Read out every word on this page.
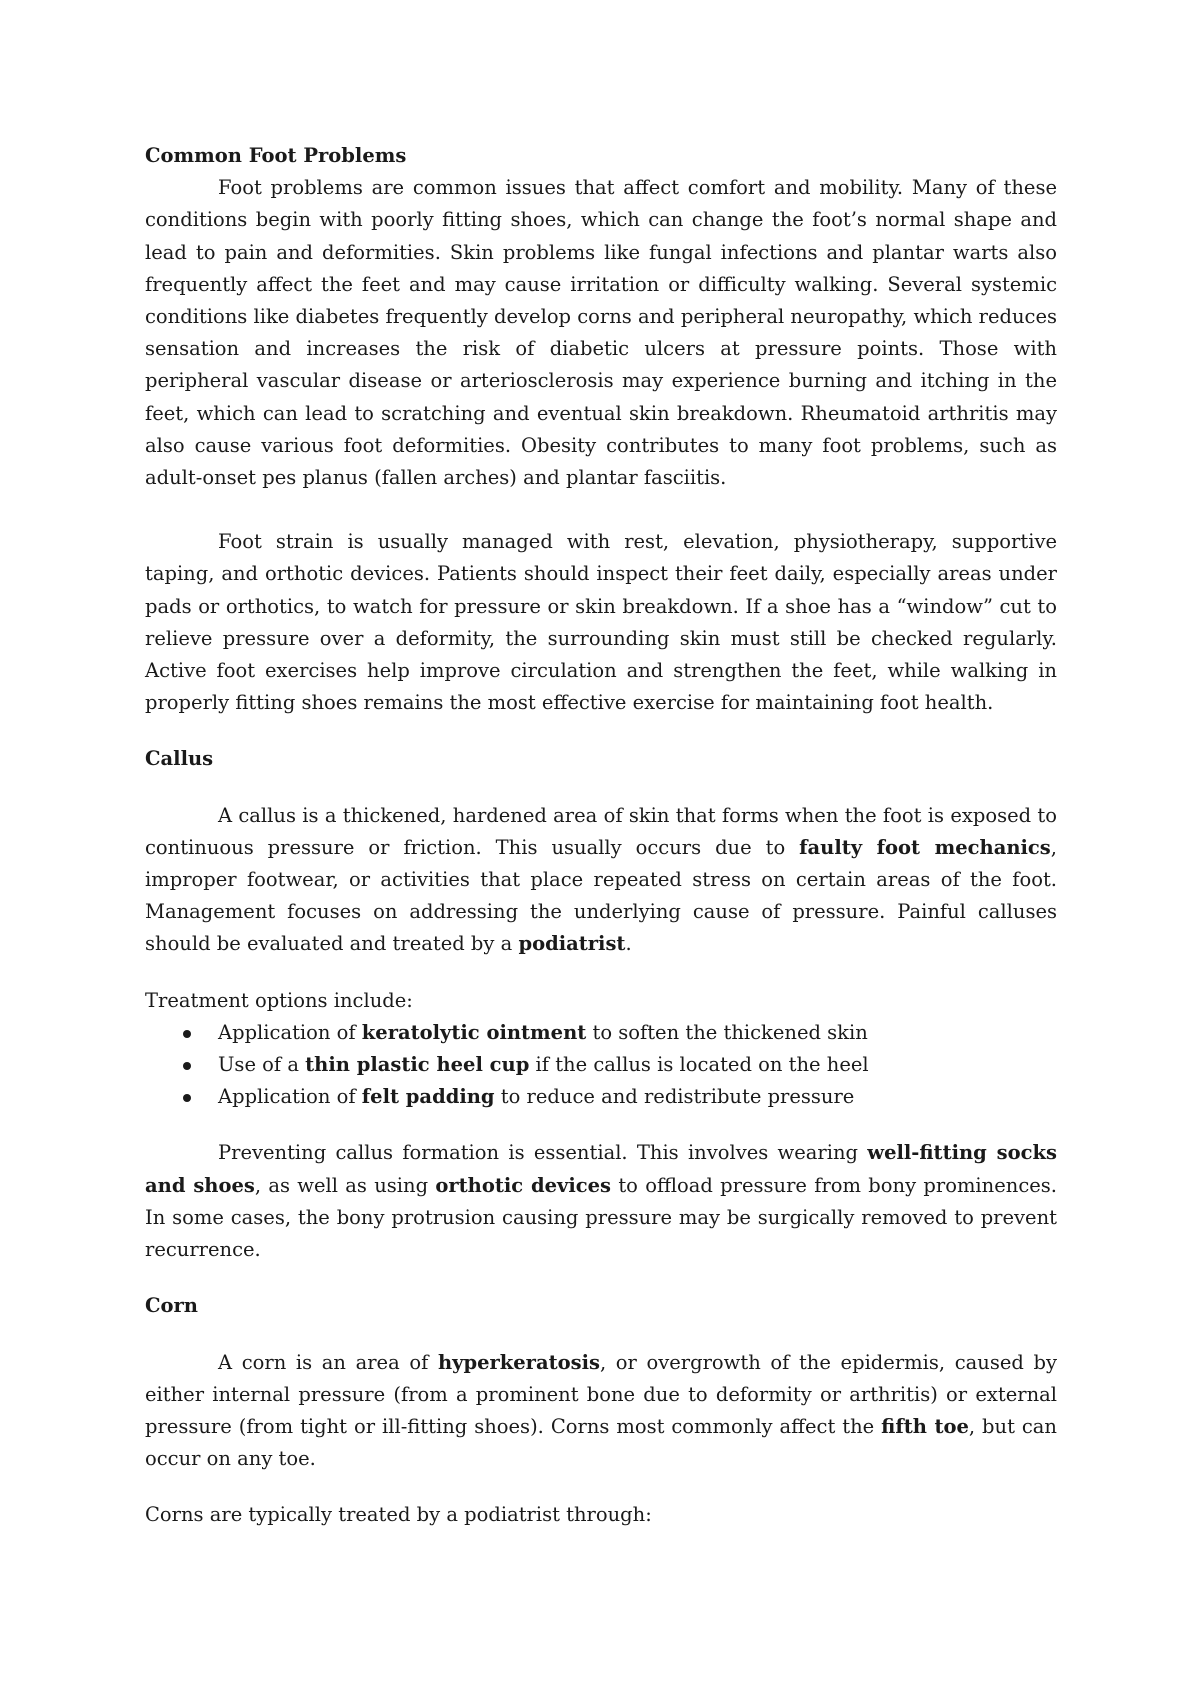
Common Foot Problems

Foot problems are common issues that affect comfort and mobility. Many of these conditions begin with poorly fitting shoes, which can change the foot’s normal shape and lead to pain and deformities. Skin problems like fungal infections and plantar warts also frequently affect the feet and may cause irritation or difficulty walking. Several systemic conditions like diabetes frequently develop corns and peripheral neuropathy, which reduces sensation and increases the risk of diabetic ulcers at pressure points. Those with peripheral vascular disease or arteriosclerosis may experience burning and itching in the feet, which can lead to scratching and eventual skin breakdown. Rheumatoid arthritis may also cause various foot deformities. Obesity contributes to many foot problems, such as adult-onset pes planus (fallen arches) and plantar fasciitis.

Foot strain is usually managed with rest, elevation, physiotherapy, supportive taping, and orthotic devices. Patients should inspect their feet daily, especially areas under pads or orthotics, to watch for pressure or skin breakdown. If a shoe has a “window” cut to relieve pressure over a deformity, the surrounding skin must still be checked regularly. Active foot exercises help improve circulation and strengthen the feet, while walking in properly fitting shoes remains the most effective exercise for maintaining foot health.

Callus

A callus is a thickened, hardened area of skin that forms when the foot is exposed to continuous pressure or friction. This usually occurs due to faulty foot mechanics, improper footwear, or activities that place repeated stress on certain areas of the foot. Management focuses on addressing the underlying cause of pressure. Painful calluses should be evaluated and treated by a podiatrist.

Treatment options include:

Application of keratolytic ointment to soften the thickened skin
Use of a thin plastic heel cup if the callus is located on the heel
Application of felt padding to reduce and redistribute pressure

Preventing callus formation is essential. This involves wearing well-fitting socks and shoes, as well as using orthotic devices to offload pressure from bony prominences. In some cases, the bony protrusion causing pressure may be surgically removed to prevent recurrence.

Corn

A corn is an area of hyperkeratosis, or overgrowth of the epidermis, caused by either internal pressure (from a prominent bone due to deformity or arthritis) or external pressure (from tight or ill-fitting shoes). Corns most commonly affect the fifth toe, but can occur on any toe.

Corns are typically treated by a podiatrist through:
